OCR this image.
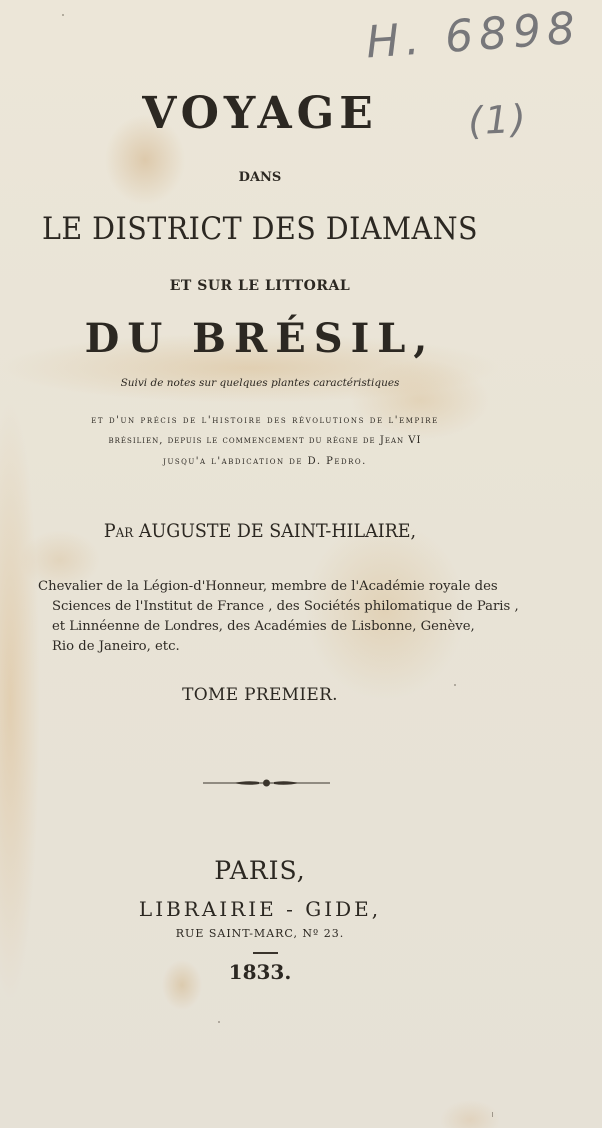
H. 6898
(1)
VOYAGE
DANS
LE DISTRICT DES DIAMANS
ET SUR LE LITTORAL
DU BRÉSIL,
Suivi de notes sur quelques plantes caractéristiques
et d'un précis de l'histoire des révolutions de l'empire
brésilien, depuis le commencement du règne de Jean VI
jusqu'a l'abdication de D. Pedro.
Par AUGUSTE DE SAINT-HILAIRE,
Chevalier de la Légion-d'Honneur, membre de l'Académie royale des
Sciences de l'Institut de France , des Sociétés philomatique de Paris ,
et Linnéenne de Londres, des Académies de Lisbonne, Genève,
Rio de Janeiro, etc.
TOME PREMIER.
PARIS,
LIBRAIRIE - GIDE,
RUE SAINT-MARC, Nº 23.
1833.
